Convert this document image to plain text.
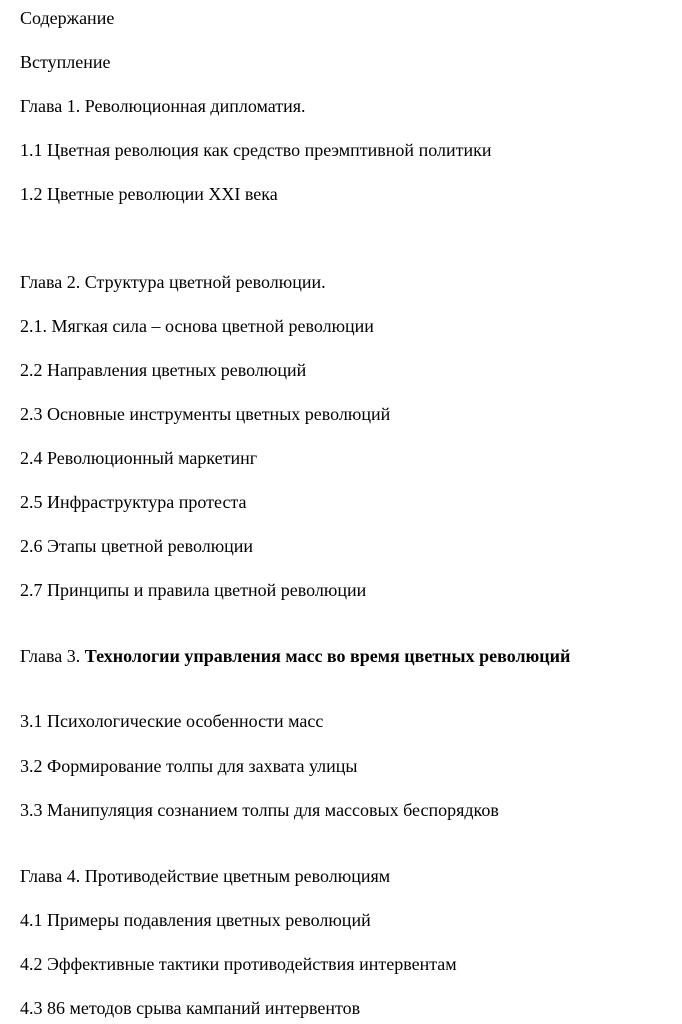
Содержание

Вступление

Глава 1. Революционная дипломатия.

1.1 Цветная революция как средство преэмптивной политики

1.2 Цветные революции XXI века

Глава 2. Структура цветной революции.

2.1. Мягкая сила – основа цветной революции

2.2 Направления цветных революций

2.3 Основные инструменты цветных революций

2.4 Революционный маркетинг

2.5 Инфраструктура протеста

2.6 Этапы цветной революции

2.7 Принципы и правила цветной революции

Глава 3. Технологии управления масс во время цветных революций

3.1 Психологические особенности масс

3.2 Формирование толпы для захвата улицы

3.3 Манипуляция сознанием толпы для массовых беспорядков

Глава 4. Противодействие цветным революциям

4.1 Примеры подавления цветных революций

4.2 Эффективные тактики противодействия интервентам

4.3 86 методов срыва кампаний интервентов
